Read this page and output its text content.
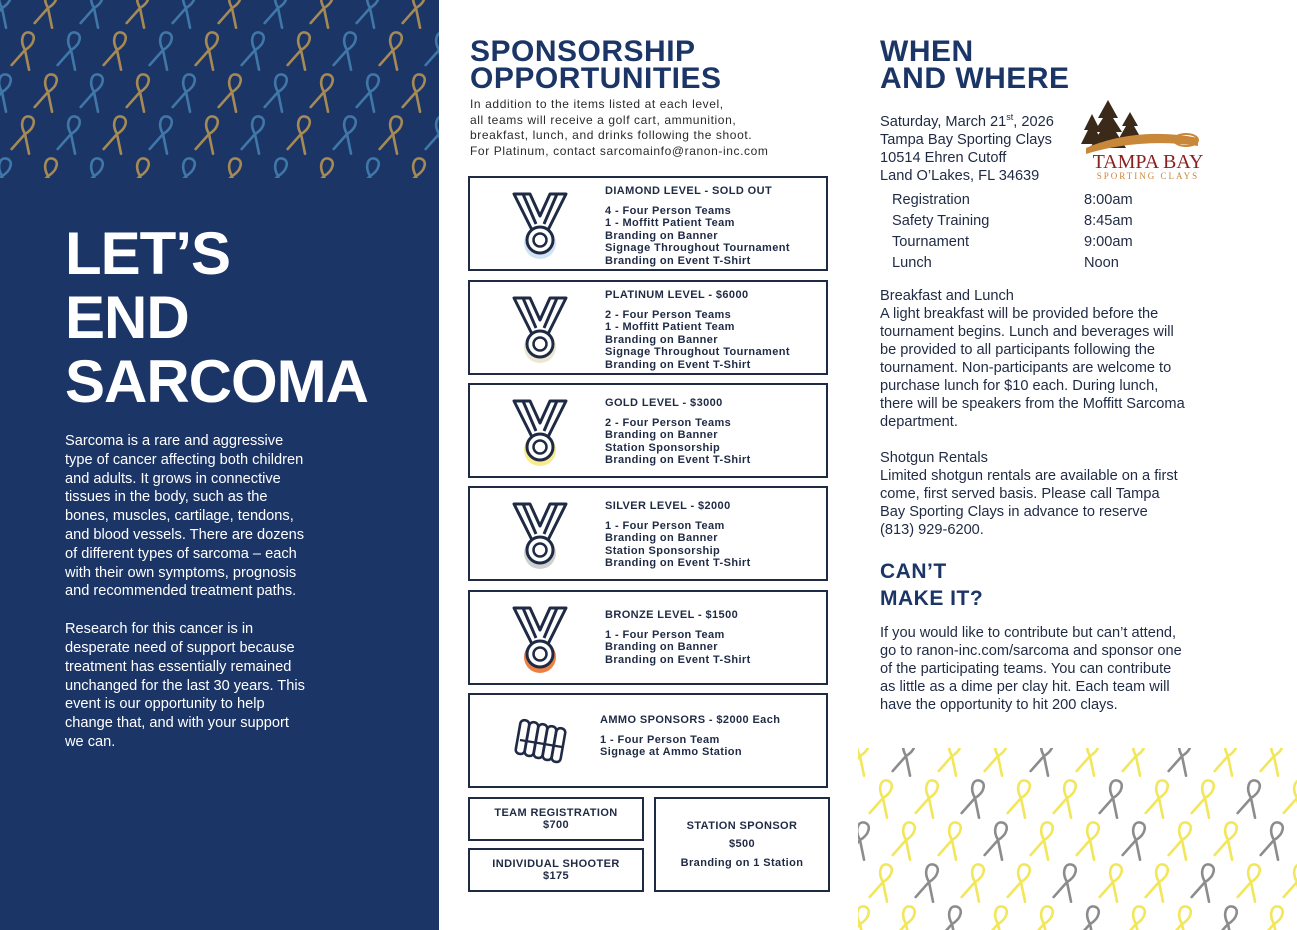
LET’S
END
SARCOMA

Sarcoma is a rare and aggressive type of cancer affecting both children and adults. It grows in connective tissues in the body, such as the bones, muscles, cartilage, tendons, and blood vessels. There are dozens of different types of sarcoma – each with their own symptoms, prognosis and recommended treatment paths.

Research for this cancer is in desperate need of support because treatment has essentially remained unchanged for the last 30 years. This event is our opportunity to help change that, and with your support we can.

SPONSORSHIP
OPPORTUNITIES
In addition to the items listed at each level,
all teams will receive a golf cart, ammunition,
breakfast, lunch, and drinks following the shoot.
For Platinum, contact sarcomainfo@ranon-inc.com
DIAMOND LEVEL - SOLD OUT
4 - Four Person Teams
1 - Moffitt Patient Team
Branding on Banner
Signage Throughout Tournament
Branding on Event T-Shirt
PLATINUM LEVEL - $6000
2 - Four Person Teams
1 - Moffitt Patient Team
Branding on Banner
Signage Throughout Tournament
Branding on Event T-Shirt
GOLD LEVEL - $3000
2 - Four Person Teams
Branding on Banner
Station Sponsorship
Branding on Event T-Shirt
SILVER LEVEL - $2000
1 - Four Person Team
Branding on Banner
Station Sponsorship
Branding on Event T-Shirt
BRONZE LEVEL - $1500
1 - Four Person Team
Branding on Banner
Branding on Event T-Shirt
AMMO SPONSORS - $2000 Each
1 - Four Person Team
Signage at Ammo Station
TEAM REGISTRATION
$700
INDIVIDUAL SHOOTER
$175
STATION SPONSOR
$500
Branding on 1 Station
WHEN
AND WHERE
Saturday, March 21st, 2026
Tampa Bay Sporting Clays
10514 Ehren Cutoff
Land O’Lakes, FL 34639
TAMPA BAY
SPORTING CLAYS
Registration	8:00am
Safety Training	8:45am
Tournament	9:00am
Lunch	Noon
Breakfast and Lunch
A light breakfast will be provided before the tournament begins. Lunch and beverages will be provided to all participants following the tournament. Non-participants are welcome to purchase lunch for $10 each. During lunch, there will be speakers from the Moffitt Sarcoma department.
Shotgun Rentals
Limited shotgun rentals are available on a first come, first served basis. Please call Tampa Bay Sporting Clays in advance to reserve (813) 929-6200.
CAN’T
MAKE IT?
If you would like to contribute but can’t attend, go to ranon-inc.com/sarcoma and sponsor one of the participating teams. You can contribute as little as a dime per clay hit. Each team will have the opportunity to hit 200 clays.
